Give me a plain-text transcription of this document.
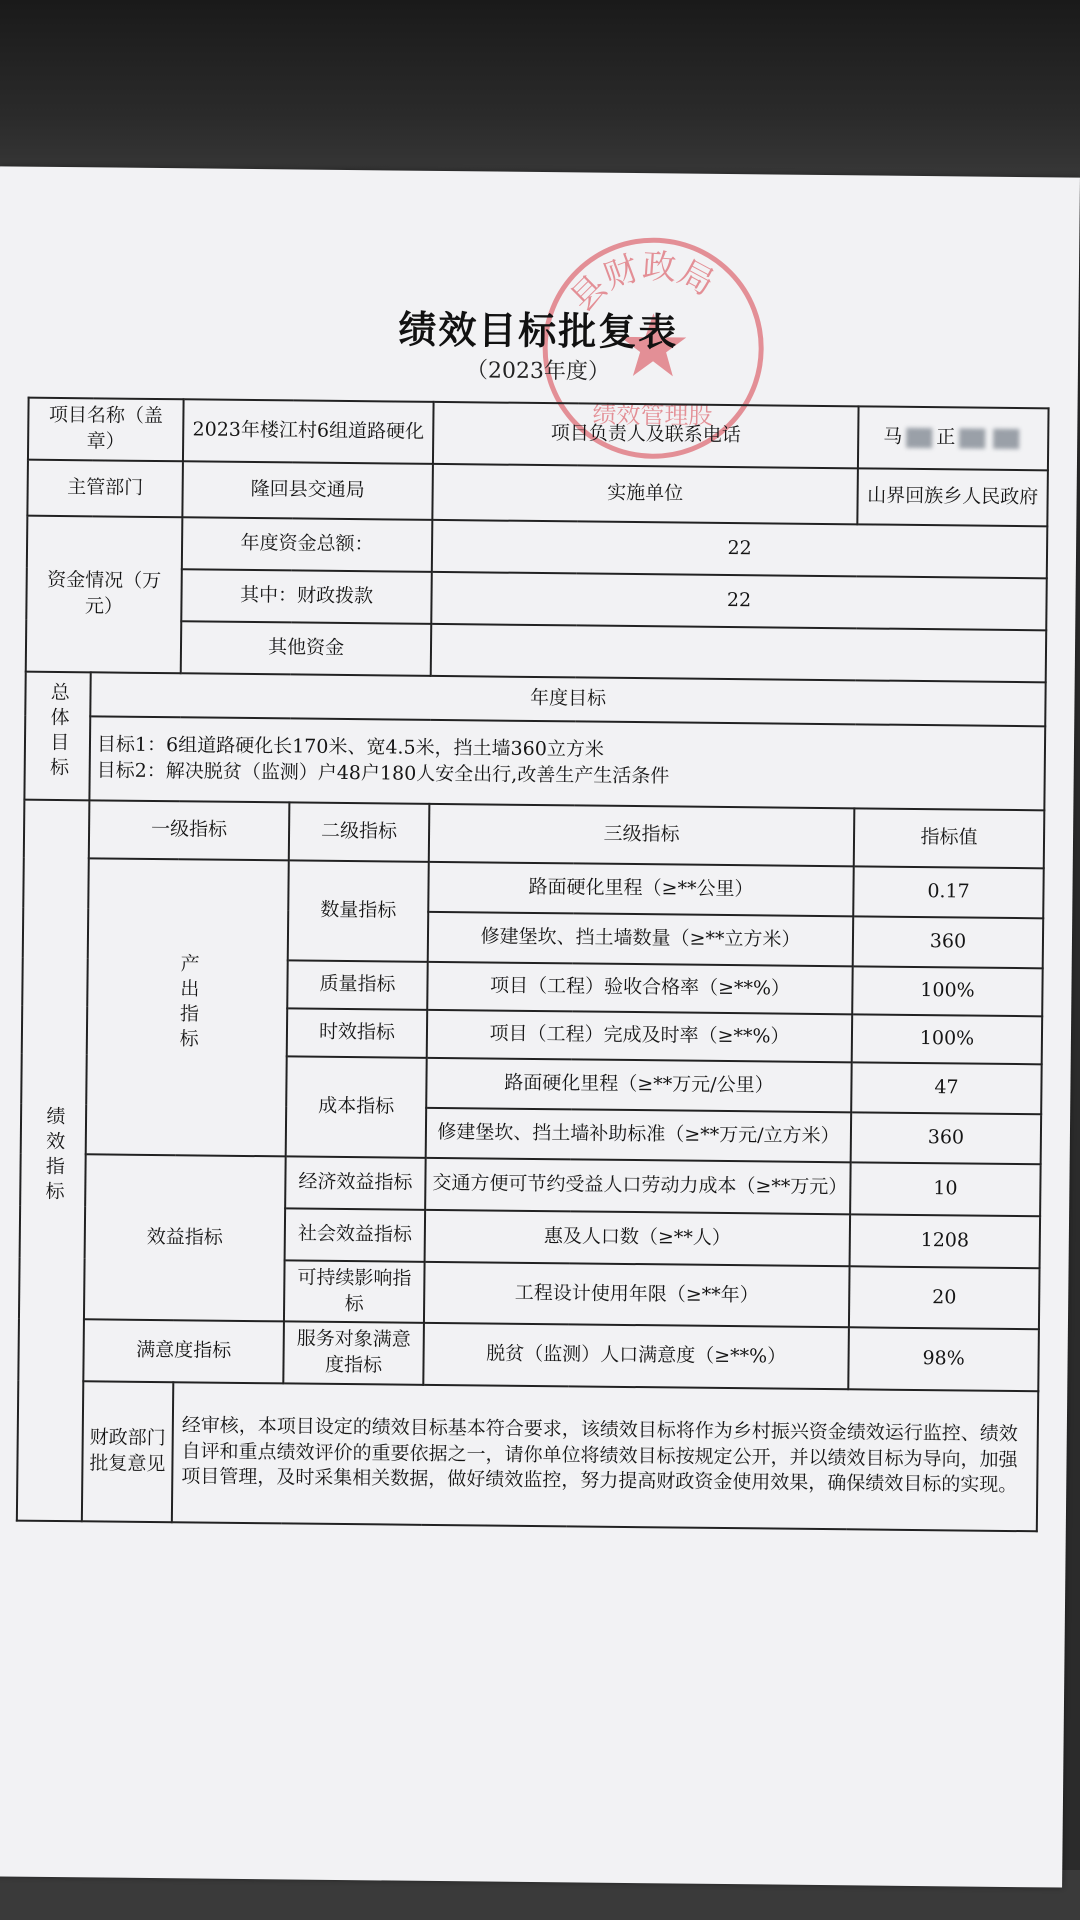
县财政局
绩效管理股
绩效目标批复表
（2023年度）
项目名称（盖章）		2023年楼江村6组道路硬化		项目负责人及联系电话	马 正
主管部门		隆回县交通局		实施单位	山界回族乡人民政府
资金情况（万元）		年度资金总额：		22	
		其中：财政拨款		22	
		其他资金			
总体目标	年度目标				

	目标1：6组道路硬化长170米、宽4.5米，挡土墙360立方米
目标2：解决脱贫（监测）户48户180人安全出行,改善生产生活条件				

绩效指标	一级指标		二级指标	三级指标	指标值
	产出指标		数量指标	路面硬化里程（≥**公里）	0.17
				修建堡坎、挡土墙数量（≥**立方米）	360
			质量指标	项目（工程）验收合格率（≥**%）	100%
			时效指标	项目（工程）完成及时率（≥**%）	100%
			成本指标	路面硬化里程（≥**万元/公里）	47
				修建堡坎、挡土墙补助标准（≥**万元/立方米）	360
	效益指标		经济效益指标	交通方便可节约受益人口劳动力成本（≥**万元）	10
			社会效益指标	惠及人口数（≥**人）	1208
			可持续影响指标	工程设计使用年限（≥**年）	20
	满意度指标		服务对象满意度指标	脱贫（监测）人口满意度（≥**%）	98%
	财政部门批复意见	经审核，本项目设定的绩效目标基本符合要求，该绩效目标将作为乡村振兴资金绩效运行监控、绩效自评和重点绩效评价的重要依据之一，请你单位将绩效目标按规定公开，并以绩效目标为导向，加强项目管理，及时采集相关数据，做好绩效监控，努力提高财政资金使用效果，确保绩效目标的实现。			
